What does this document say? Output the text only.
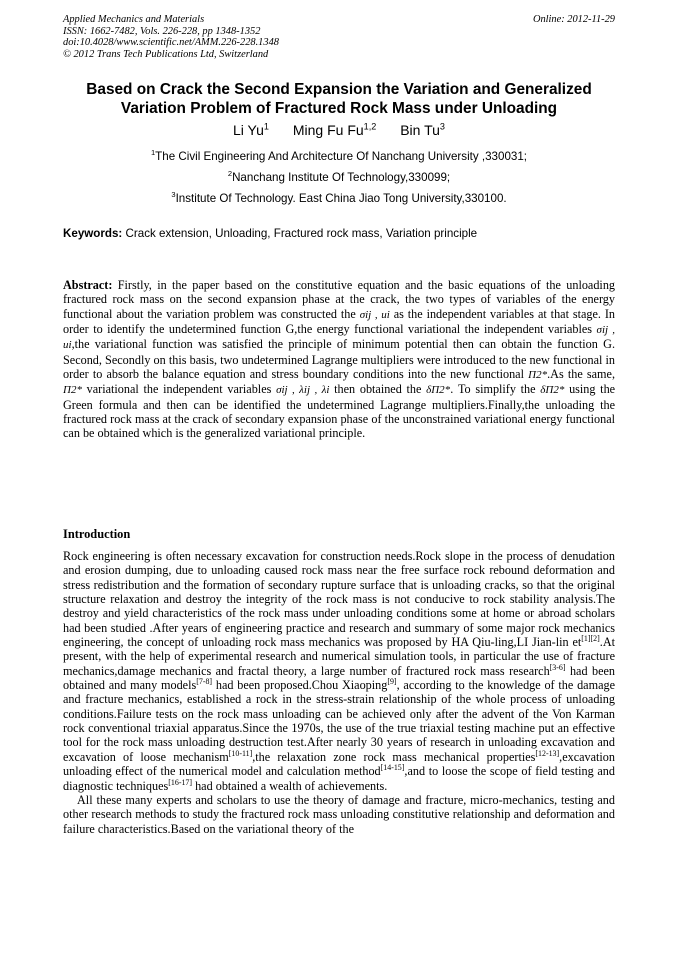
Applied Mechanics and Materials
ISSN: 1662-7482, Vols. 226-228, pp 1348-1352
doi:10.4028/www.scientific.net/AMM.226-228.1348
© 2012 Trans Tech Publications Ltd, Switzerland
Online: 2012-11-29
Based on Crack the Second Expansion the Variation and Generalized
Variation Problem of Fractured Rock Mass under Unloading
Li Yu$^1$ Ming Fu Fu$^{1,2}$ Bin Tu$^3$
$^1$The Civil Engineering And Architecture Of Nanchang University ,330031;
$^2$Nanchang Institute Of Technology,330099;
$^3$Institute Of Technology. East China Jiao Tong University,330100.
Keywords: Crack extension, Unloading, Fractured rock mass, Variation principle
Abstract: Firstly, in the paper based on the constitutive equation and the basic equations of the unloading fractured rock mass on the second expansion phase at the crack, the two types of variables of the energy functional about the variation problem was constructed the σij , ui as the independent variables at that stage. In order to identify the undetermined function G,the energy functional variational the independent variables σij , ui,the variational function was satisfied the principle of minimum potential then can obtain the function G. Second, Secondly on this basis, two undetermined Lagrange multipliers were introduced to the new functional in order to absorb the balance equation and stress boundary conditions into the new functional Π2*.As the same, Π2* variational the independent variables σij , λij , λi then obtained the δΠ2*. To simplify the δΠ2* using the Green formula and then can be identified the undetermined Lagrange multipliers.Finally,the unloading the fractured rock mass at the crack of secondary expansion phase of the unconstrained variational energy functional can be obtained which is the generalized variational principle.
Introduction

Rock engineering is often necessary excavation for construction needs.Rock slope in the process of denudation and erosion dumping, due to unloading caused rock mass near the free surface rock rebound deformation and stress redistribution and the formation of secondary rupture surface that is unloading cracks, so that the original structure relaxation and destroy the integrity of the rock mass is not conducive to rock stability analysis.The destroy and yield characteristics of the rock mass under unloading conditions some at home or abroad scholars had been studied .After years of engineering practice and research and summary of some major rock mechanics engineering, the concept of unloading rock mass mechanics was proposed by HA Qiu-ling,LI Jian-lin et[1][2].At present, with the help of experimental research and numerical simulation tools, in particular the use of fracture mechanics,damage mechanics and fractal theory, a large number of fractured rock mass research[3-6] had been obtained and many models[7-8] had been proposed.Chou Xiaoping[9], according to the knowledge of the damage and fracture mechanics, established a rock in the stress-strain relationship of the whole process of unloading conditions.Failure tests on the rock mass unloading can be achieved only after the advent of the Von Karman rock conventional triaxial apparatus.Since the 1970s, the use of the true triaxial testing machine put an effective tool for the rock mass unloading destruction test.After nearly 30 years of research in unloading excavation and excavation of loose mechanism[10-11],the relaxation zone rock mass mechanical properties[12-13],excavation unloading effect of the numerical model and calculation method[14-15],and to loose the scope of field testing and diagnostic techniques[16-17] had obtained a wealth of achievements.

All these many experts and scholars to use the theory of damage and fracture, micro-mechanics, testing and other research methods to study the fractured rock mass unloading constitutive relationship and deformation and failure characteristics.Based on the variational theory of the
